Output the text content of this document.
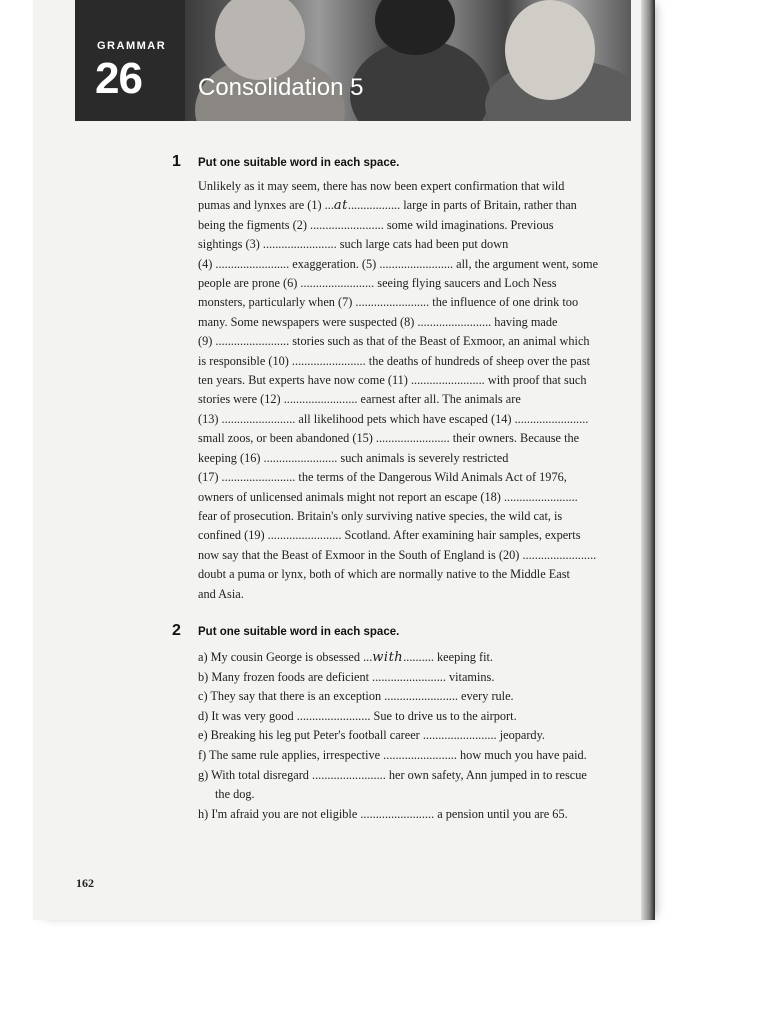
GRAMMAR
26 Consolidation 5
1 Put one suitable word in each space.
Unlikely as it may seem, there has now been expert confirmation that wild
pumas and lynxes are (1) ...at................. large in parts of Britain, rather than
being the figments (2) ........................ some wild imaginations. Previous
sightings (3) ........................ such large cats had been put down
(4) ........................ exaggeration. (5) ........................ all, the argument went, some
people are prone (6) ........................ seeing flying saucers and Loch Ness
monsters, particularly when (7) ........................ the influence of one drink too
many. Some newspapers were suspected (8) ........................ having made
(9) ........................ stories such as that of the Beast of Exmoor, an animal which
is responsible (10) ........................ the deaths of hundreds of sheep over the past
ten years. But experts have now come (11) ........................ with proof that such
stories were (12) ........................ earnest after all. The animals are
(13) ........................ all likelihood pets which have escaped (14) ........................
small zoos, or been abandoned (15) ........................ their owners. Because the
keeping (16) ........................ such animals is severely restricted
(17) ........................ the terms of the Dangerous Wild Animals Act of 1976,
owners of unlicensed animals might not report an escape (18) ........................
fear of prosecution. Britain's only surviving native species, the wild cat, is
confined (19) ........................ Scotland. After examining hair samples, experts
now say that the Beast of Exmoor in the South of England is (20) ........................
doubt a puma or lynx, both of which are normally native to the Middle East
and Asia.
2 Put one suitable word in each space.
a) My cousin George is obsessed ...with.......... keeping fit.
b) Many frozen foods are deficient ........................ vitamins.
c) They say that there is an exception ........................ every rule.
d) It was very good ........................ Sue to drive us to the airport.
e) Breaking his leg put Peter's football career ........................ jeopardy.
f) The same rule applies, irrespective ........................ how much you have paid.
g) With total disregard ........................ her own safety, Ann jumped in to rescue
the dog.
h) I'm afraid you are not eligible ........................ a pension until you are 65.
162
